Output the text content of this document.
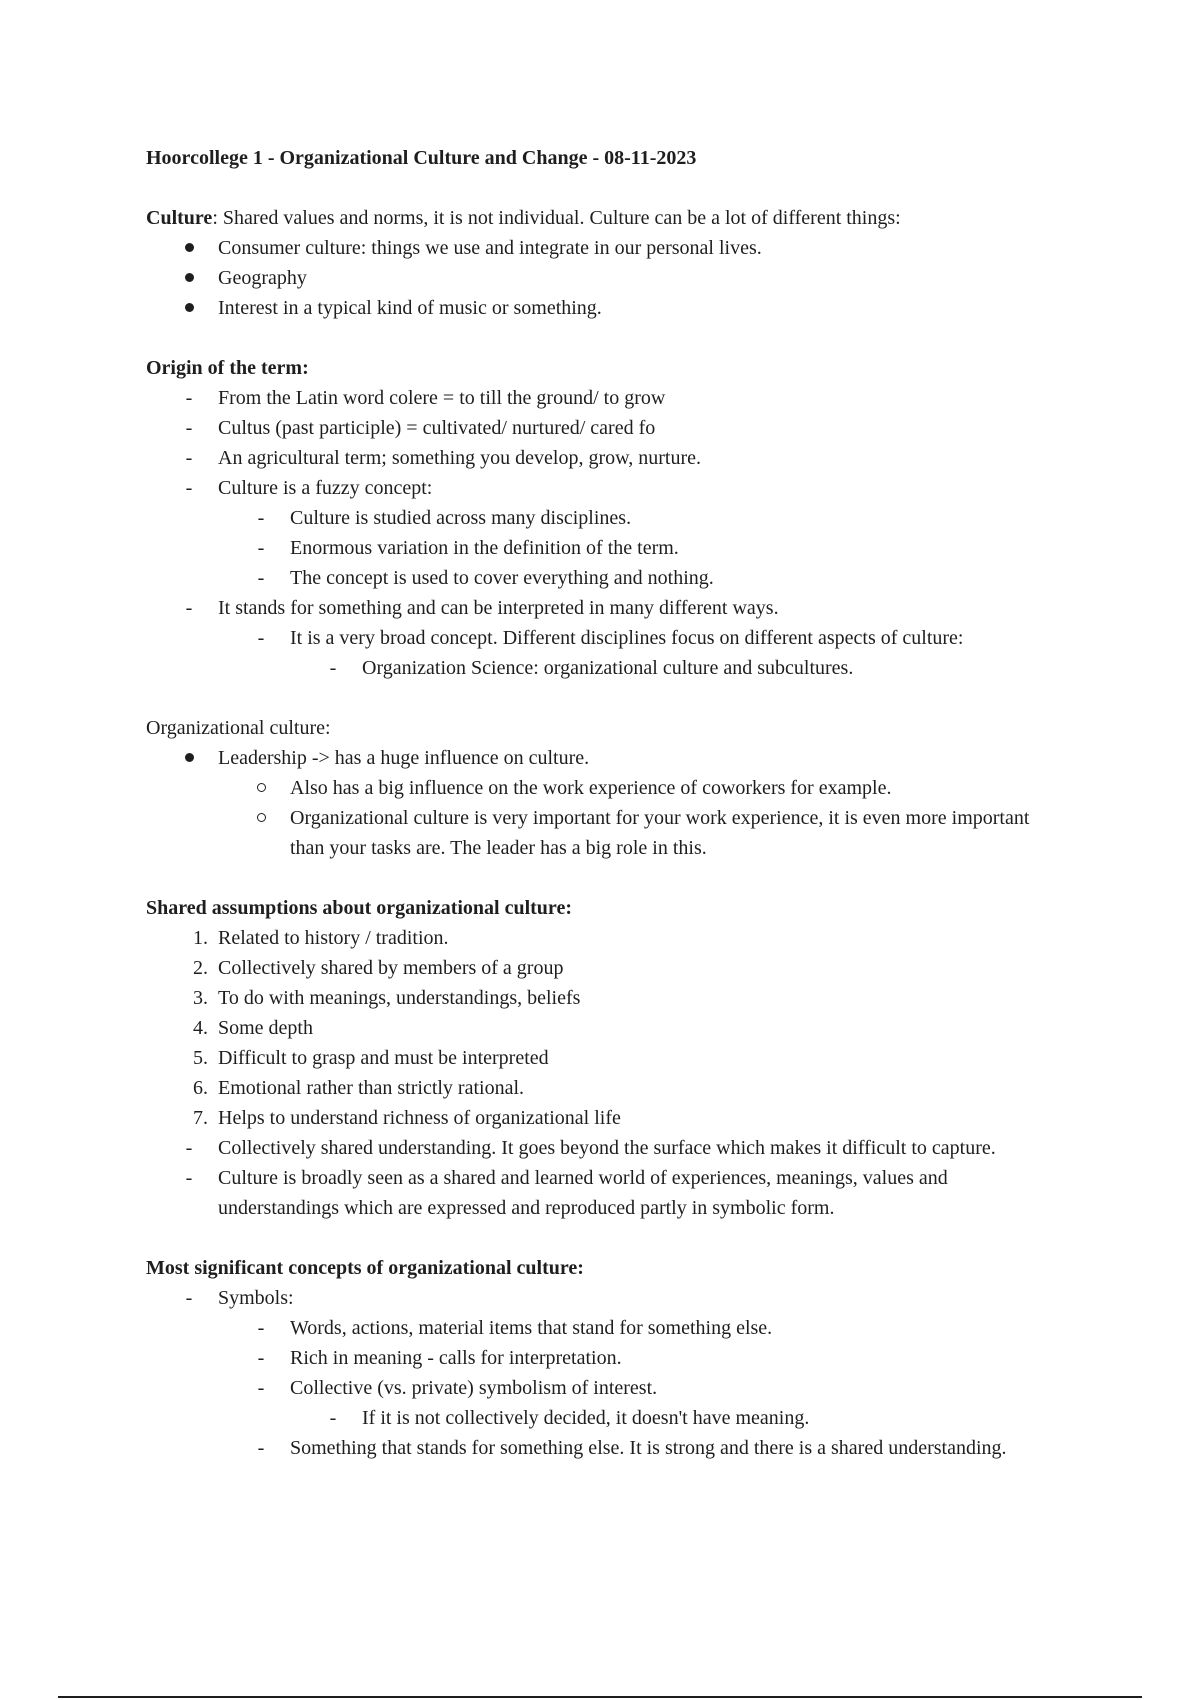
Hoorcollege 1 - Organizational Culture and Change - 08-11-2023

Culture: Shared values and norms, it is not individual. Culture can be a lot of different things:
Consumer culture: things we use and integrate in our personal lives.
Geography
Interest in a typical kind of music or something.
Origin of the term:
-	From the Latin word colere = to till the ground/ to grow
-	Cultus (past participle) = cultivated/ nurtured/ cared fo
-	An agricultural term; something you develop, grow, nurture.
-	Culture is a fuzzy concept:
-	Culture is studied across many disciplines.
-	Enormous variation in the definition of the term.
-	The concept is used to cover everything and nothing.
-	It stands for something and can be interpreted in many different ways.
-	It is a very broad concept. Different disciplines focus on different aspects of culture:
-	Organization Science: organizational culture and subcultures.
Organizational culture:
Leadership -> has a huge influence on culture.
Also has a big influence on the work experience of coworkers for example.
Organizational culture is very important for your work experience, it is even more important than your tasks are. The leader has a big role in this.
Shared assumptions about organizational culture:
1. Related to history / tradition.
2. Collectively shared by members of a group
3. To do with meanings, understandings, beliefs
4. Some depth
5. Difficult to grasp and must be interpreted
6. Emotional rather than strictly rational.
7. Helps to understand richness of organizational life
-	Collectively shared understanding. It goes beyond the surface which makes it difficult to capture.
-	Culture is broadly seen as a shared and learned world of experiences, meanings, values and understandings which are expressed and reproduced partly in symbolic form.
Most significant concepts of organizational culture:
-	Symbols:
-	Words, actions, material items that stand for something else.
-	Rich in meaning - calls for interpretation.
-	Collective (vs. private) symbolism of interest.
-	If it is not collectively decided, it doesn't have meaning.
-	Something that stands for something else. It is strong and there is a shared understanding.
